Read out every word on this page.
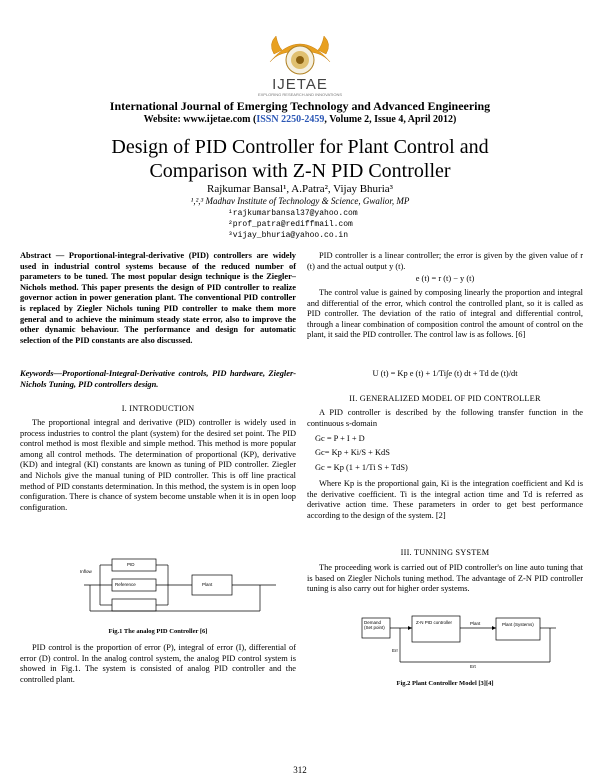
IJETAE
EXPLORING RESEARCH AND INNOVATIONS
International Journal of Emerging Technology and Advanced Engineering
Website: www.ijetae.com (ISSN 2250-2459, Volume 2, Issue 4, April 2012)
Design of PID Controller for Plant Control and
Comparison with Z-N PID Controller
Rajkumar Bansal¹, A.Patra², Vijay Bhuria³
¹,²,³ Madhav Institute of Technology & Science, Gwalior, MP
¹rajkumarbansal37@yahoo.com
²prof_patra@rediffmail.com
³vijay_bhuria@yahoo.co.in
Abstract — Proportional-integral-derivative (PID) controllers are widely used in industrial control systems because of the reduced number of parameters to be tuned. The most popular design technique is the Ziegler–Nichols method. This paper presents the design of PID controller to realize governor action in power generation plant. The conventional PID controller is replaced by Ziegler Nichols tuning PID controller to make them more general and to achieve the minimum steady state error, also to improve the other dynamic behaviour. The performance and design for automatic selection of the PID constants are also discussed.
Keywords—Proportional-Integral-Derivative controls, PID hardware, Ziegler-Nichols Tuning, PID controllers design.
I. INTRODUCTION
The proportional integral and derivative (PID) controller is widely used in process industries to control the plant (system) for the desired set point. The PID control method is most flexible and simple method. This method is more popular among all control methods. The determination of proportional (KP), derivative (KD) and integral (KI) constants are known as tuning of PID controller. Ziegler and Nichols give the manual tuning of PID controller. This is off line practical method of PID constants determination. In this method, the system is in open loop configuration. There is chance of system become unstable when it is in open loop configuration.
Inflow
Reference
PID
Plant
Fig.1 The analog PID Controller [6]
PID control is the proportion of error (P), integral of error (I), differential of error (D) control. In the analog control system, the analog PID control system is showed in Fig.1. The system is consisted of analog PID controller and the controlled plant.
PID controller is a linear controller; the error is given by the given value of r (t) and the actual output y (t).
e (t) = r (t) − y (t)
The control value is gained by composing linearly the proportion and integral and differential of the error, which control the controlled plant, so it is called as PID controller. The deviation of the ratio of integral and differential control, through a linear combination of composition control the amount of control on the plant, it said the PID controller. The control law is as follows. [6]
U (t) = Kp e (t) + 1/Ti∫e (t) dt + Td de (t)/dt
II. GENERALIZED MODEL OF PID CONTROLLER
A PID controller is described by the following transfer function in the continuous s-domain
Gc = P + I + D
Gc= Kp + Ki/S + KdS
Gc = Kp (1 + 1/Ti S + TdS)
Where Kp is the proportional gain, Ki is the integration coefficient and Kd is the derivative coefficient. Ti is the integral action time and Td is referred as derivative action time. These parameters in order to get best performance according to the design of the system. [2]
III. TUNNING SYSTEM
The proceeding work is carried out of PID controller's on line auto tuning that is based on Ziegler Nichols tuning method. The advantage of Z-N PID controller tuning is also carry out for higher order systems.
Demand (Set point)
Z-N PID controller	Plant	Plant (Systems)
Err
Ert
Fig.2 Plant Controller Model [3][4]
312
